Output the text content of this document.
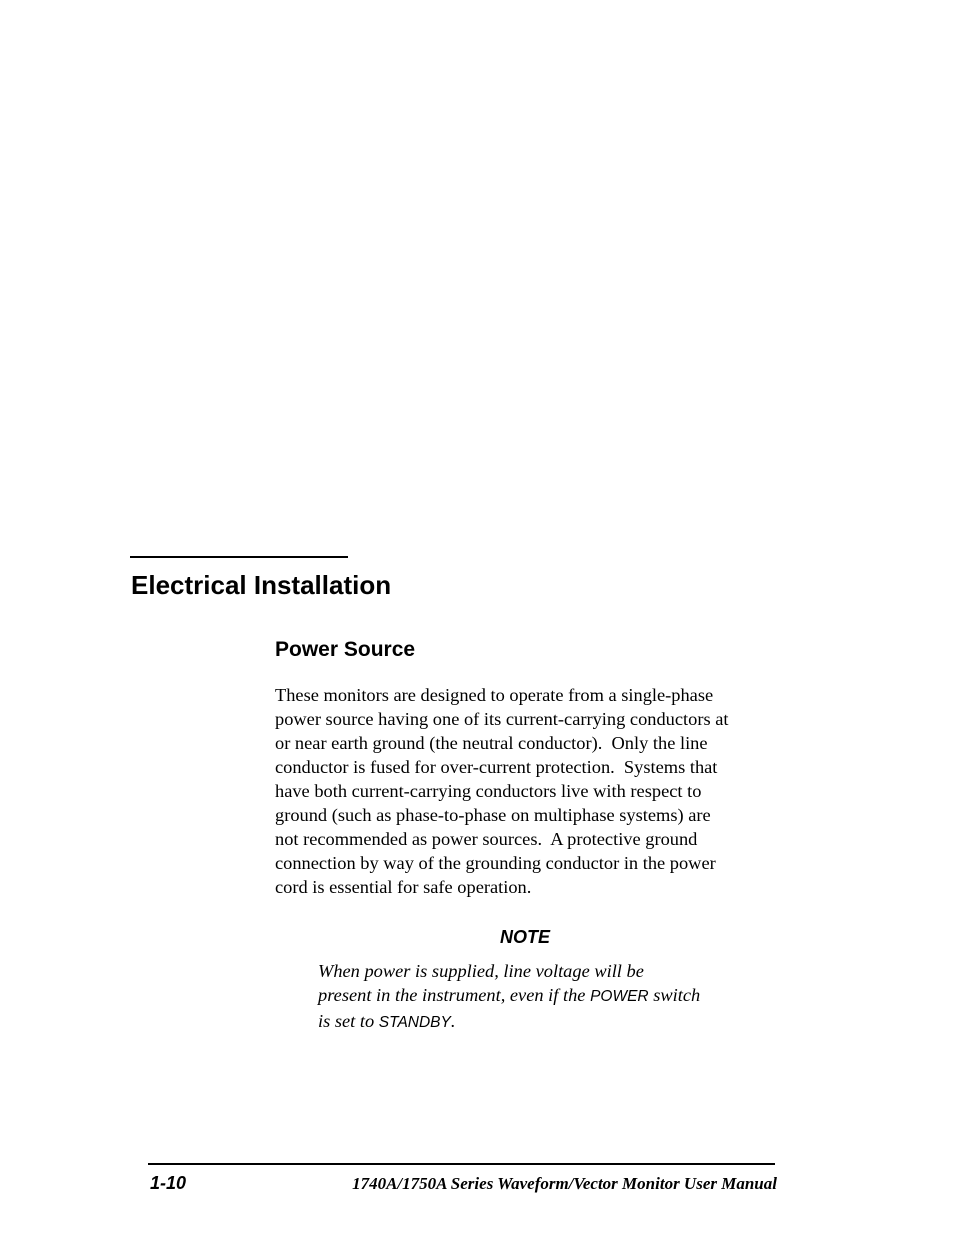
Electrical Installation
Power Source

These monitors are designed to operate from a single-phase
power source having one of its current-carrying conductors at
or near earth ground (the neutral conductor).  Only the line
conductor is fused for over-current protection.  Systems that
have both current-carrying conductors live with respect to
ground (such as phase-to-phase on multiphase systems) are
not recommended as power sources.  A protective ground
connection by way of the grounding conductor in the power
cord is essential for safe operation.

NOTE

When power is supplied, line voltage will be
present in the instrument, even if the POWER switch
is set to STANDBY.

1-10	1740A/1750A Series Waveform/Vector Monitor User Manual
